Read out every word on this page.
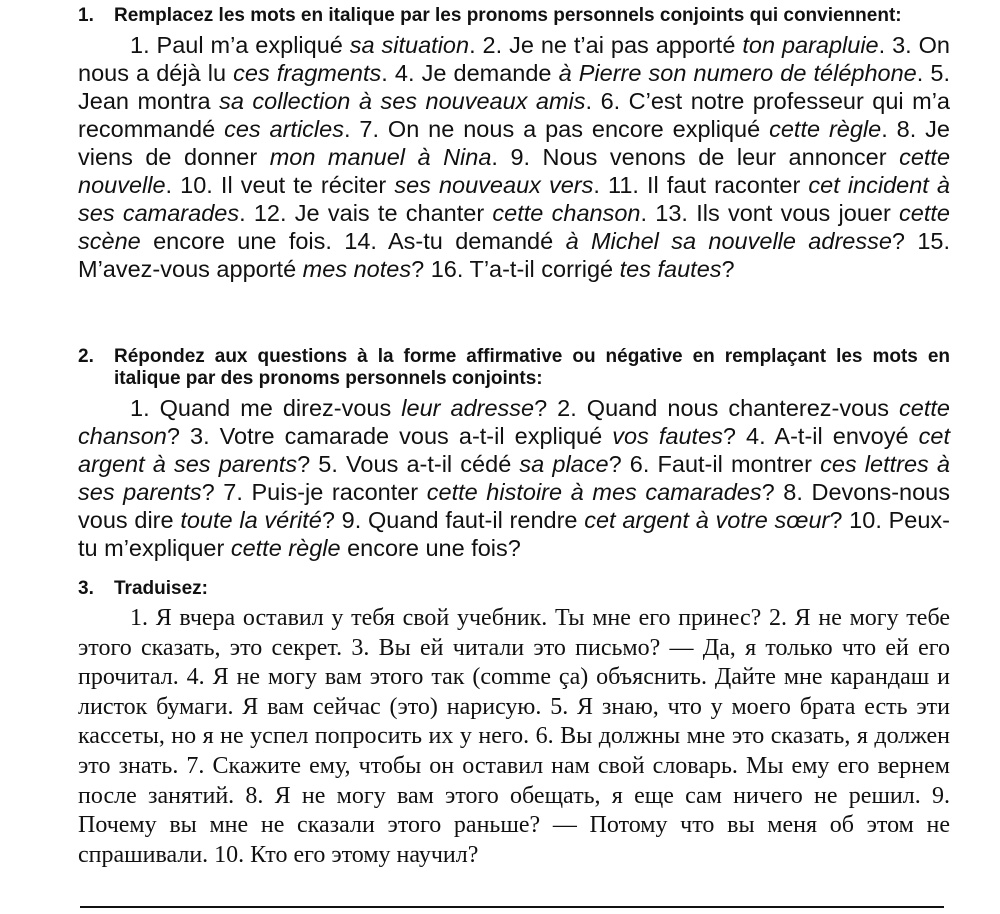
1. Remplacez les mots en italique par les pronoms personnels conjoints qui conviennent:
1. Paul m’a expliqué sa situation. 2. Je ne t’ai pas apporté ton parapluie. 3. On nous a déjà lu ces fragments. 4. Je demande à Pierre son numero de téléphone. 5. Jean montra sa collection à ses nouveaux amis. 6. C’est notre professeur qui m’a recommandé ces articles. 7. On ne nous a pas encore expliqué cette règle. 8. Je viens de donner mon manuel à Nina. 9. Nous venons de leur annoncer cette nouvelle. 10. Il veut te réciter ses nouveaux vers. 11. Il faut raconter cet incident à ses camarades. 12. Je vais te chanter cette chanson. 13. Ils vont vous jouer cette scène encore une fois. 14. As-tu demandé à Michel sa nouvelle adresse? 15. M’avez-vous apporté mes notes? 16. T’a-t-il corrigé tes fautes?
2. Répondez aux questions à la forme affirmative ou négative en remplaçant les mots en italique par des pronoms personnels conjoints:
1. Quand me direz-vous leur adresse? 2. Quand nous chanterez-vous cette chanson? 3. Votre camarade vous a-t-il expliqué vos fautes? 4. A-t-il envoyé cet argent à ses parents? 5. Vous a-t-il cédé sa place? 6. Faut-il montrer ces lettres à ses parents? 7. Puis-je raconter cette histoire à mes camarades? 8. Devons-nous vous dire toute la vérité? 9. Quand faut-il rendre cet argent à votre sœur? 10. Peux-tu m’expliquer cette règle encore une fois?
3. Traduisez:
1. Я вчера оставил у тебя свой учебник. Ты мне его принес? 2. Я не могу тебе этого сказать, это секрет. 3. Вы ей читали это письмо? — Да, я только что ей его прочитал. 4. Я не могу вам этого так (comme ça) объяснить. Дайте мне карандаш и листок бумаги. Я вам сейчас (это) нарисую. 5. Я знаю, что у моего брата есть эти кассеты, но я не успел попросить их у него. 6. Вы должны мне это сказать, я должен это знать. 7. Скажите ему, чтобы он оставил нам свой словарь. Мы ему его вернем после занятий. 8. Я не могу вам этого обещать, я еще сам ничего не решил. 9. Почему вы мне не сказали этого раньше? — Потому что вы меня об этом не спрашивали. 10. Кто его этому научил?
